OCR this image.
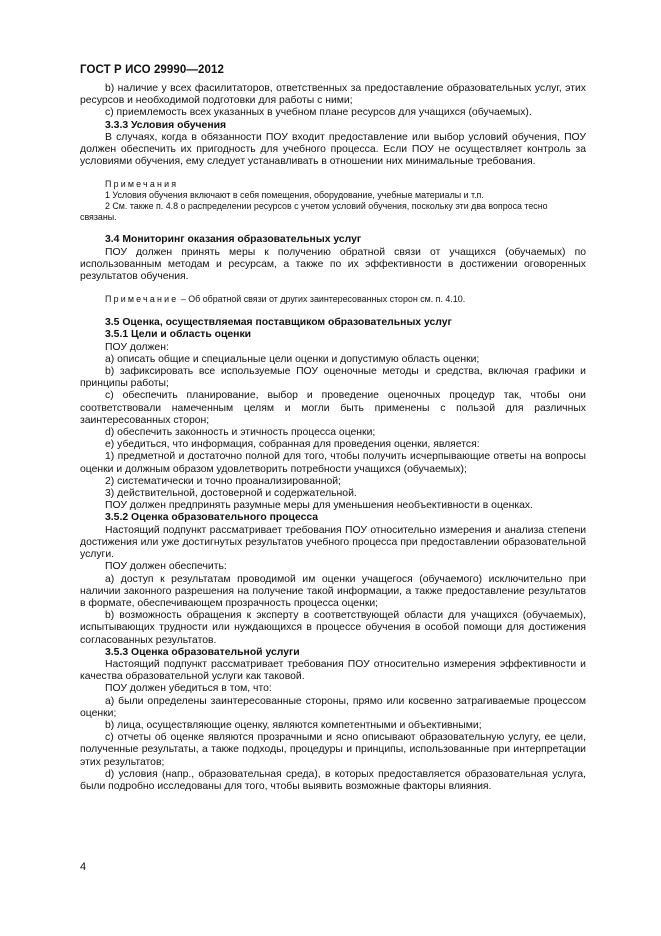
ГОСТ Р ИСО 29990—2012

b) наличие у всех фасилитаторов, ответственных за предоставление образовательных услуг, этих ресурсов и необходимой подготовки для работы с ними;

c) приемлемость всех указанных в учебном плане ресурсов для учащихся (обучаемых).

3.3.3 Условия обучения

В случаях, когда в обязанности ПОУ входит предоставление или выбор условий обучения, ПОУ должен обеспечить их пригодность для учебного процесса. Если ПОУ не осуществляет контроль за условиями обучения, ему следует устанавливать в отношении них минимальные требования.

Примечания

1 Условия обучения включают в себя помещения, оборудование, учебные материалы и т.п.

2 См. также п. 4.8 о распределении ресурсов с учетом условий обучения, поскольку эти два вопроса тесно связаны.

3.4 Мониторинг оказания образовательных услуг

ПОУ должен принять меры к получению обратной связи от учащихся (обучаемых) по использованным методам и ресурсам, а также по их эффективности в достижении оговоренных результатов обучения.

Примечание – Об обратной связи от других заинтересованных сторон см. п. 4.10.

3.5 Оценка, осуществляемая поставщиком образовательных услуг

3.5.1 Цели и область оценки

ПОУ должен:

a) описать общие и специальные цели оценки и допустимую область оценки;

b) зафиксировать все используемые ПОУ оценочные методы и средства, включая графики и принципы работы;

c) обеспечить планирование, выбор и проведение оценочных процедур так, чтобы они соответствовали намеченным целям и могли быть применены с пользой для различных заинтересованных сторон;

d) обеспечить законность и этичность процесса оценки;

e) убедиться, что информация, собранная для проведения оценки, является:

1) предметной и достаточно полной для того, чтобы получить исчерпывающие ответы на вопросы оценки и должным образом удовлетворить потребности учащихся (обучаемых);

2) систематически и точно проанализированной;

3) действительной, достоверной и содержательной.

ПОУ должен предпринять разумные меры для уменьшения необъективности в оценках.

3.5.2 Оценка образовательного процесса

Настоящий подпункт рассматривает требования ПОУ относительно измерения и анализа степени достижения или уже достигнутых результатов учебного процесса при предоставлении образовательной услуги.

ПОУ должен обеспечить:

a) доступ к результатам проводимой им оценки учащегося (обучаемого) исключительно при наличии законного разрешения на получение такой информации, а также предоставление результатов в формате, обеспечивающем прозрачность процесса оценки;

b) возможность обращения к эксперту в соответствующей области для учащихся (обучаемых), испытывающих трудности или нуждающихся в процессе обучения в особой помощи для достижения согласованных результатов.

3.5.3 Оценка образовательной услуги

Настоящий подпункт рассматривает требования ПОУ относительно измерения эффективности и качества образовательной услуги как таковой.

ПОУ должен убедиться в том, что:

a) были определены заинтересованные стороны, прямо или косвенно затрагиваемые процессом оценки;

b) лица, осуществляющие оценку, являются компетентными и объективными;

c) отчеты об оценке являются прозрачными и ясно описывают образовательную услугу, ее цели, полученные результаты, а также подходы, процедуры и принципы, использованные при интерпретации этих результатов;

d) условия (напр., образовательная среда), в которых предоставляется образовательная услуга, были подробно исследованы для того, чтобы выявить возможные факторы влияния.

4
